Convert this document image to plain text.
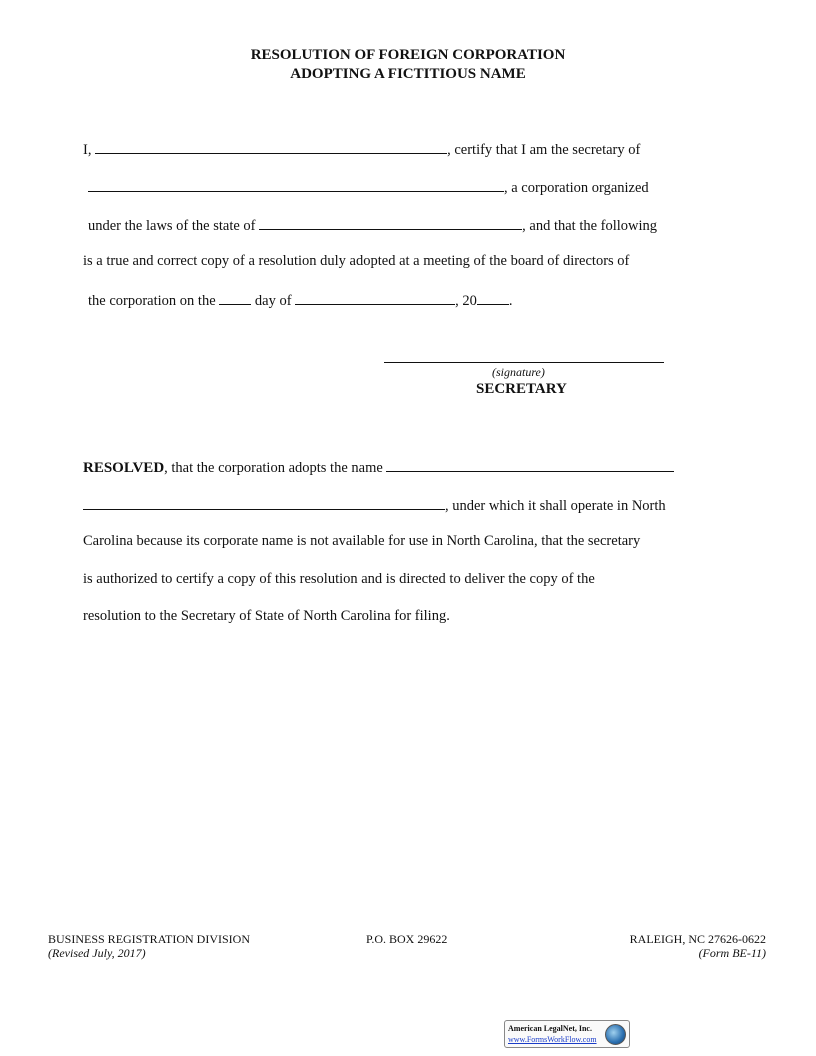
RESOLUTION OF FOREIGN CORPORATION
ADOPTING A FICTITIOUS NAME
I,	, certify that I am the secretary of
, a corporation organized
under the laws of the state of	, and that the following
is a true and correct copy of a resolution duly adopted at a meeting of the board of directors of
the corporation on the	day of	, 20 .
(signature)
SECRETARY
RESOLVED, that the corporation adopts the name
, under which it shall operate in North
Carolina because its corporate name is not available for use in North Carolina, that the secretary
is authorized to certify a copy of this resolution and is directed to deliver the copy of the
resolution to the Secretary of State of North Carolina for filing.
BUSINESS REGISTRATION DIVISION
(Revised July, 2017)
P.O. BOX 29622	RALEIGH, NC 27626-0622
(Form BE-11)
American LegalNet, Inc.
www.FormsWorkFlow.com
